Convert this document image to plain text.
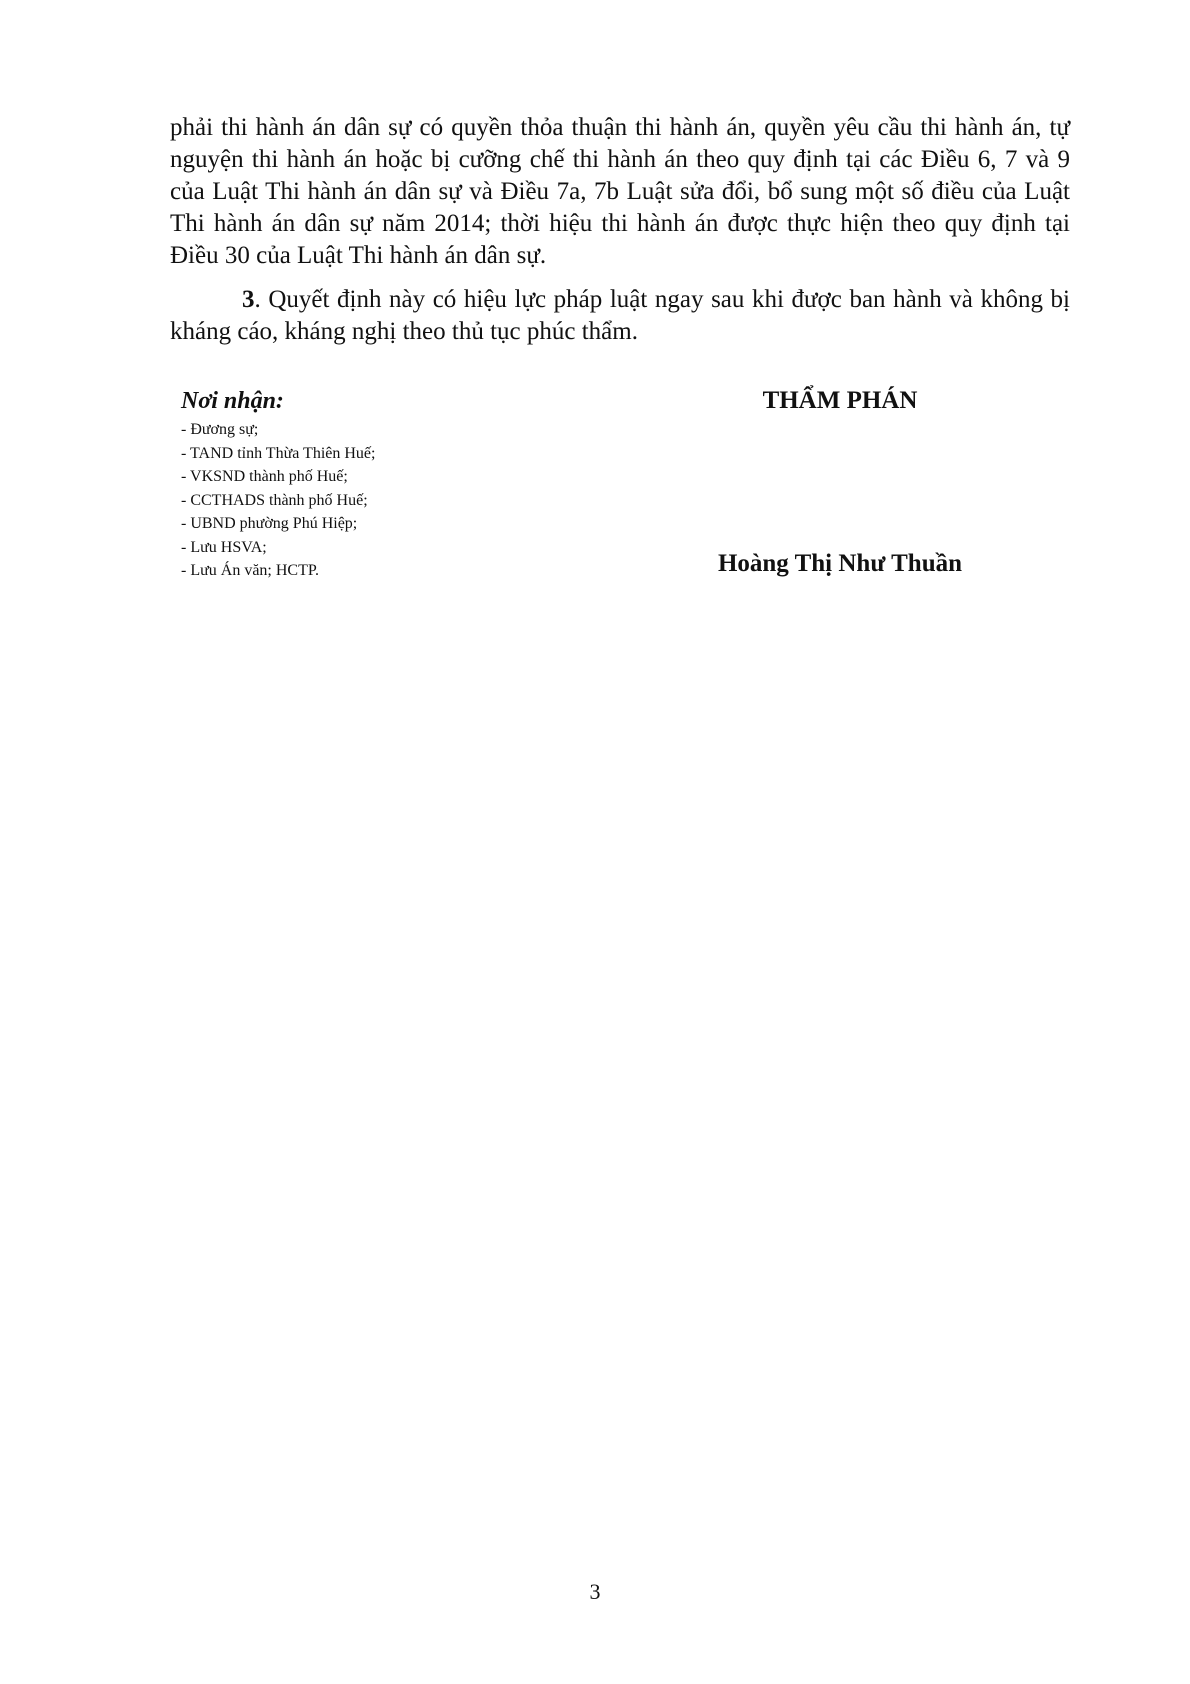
phải thi hành án dân sự có quyền thỏa thuận thi hành án, quyền yêu cầu thi hành án, tự nguyện thi hành án hoặc bị cưỡng chế thi hành án theo quy định tại các Điều 6, 7 và 9 của Luật Thi hành án dân sự và Điều 7a, 7b Luật sửa đổi, bổ sung một số điều của Luật Thi hành án dân sự năm 2014; thời hiệu thi hành án được thực hiện theo quy định tại Điều 30 của Luật Thi hành án dân sự.

3. Quyết định này có hiệu lực pháp luật ngay sau khi được ban hành và không bị kháng cáo, kháng nghị theo thủ tục phúc thẩm.

Nơi nhận:

- Đương sự;
- TAND tỉnh Thừa Thiên Huế;
- VKSND thành phố Huế;
- CCTHADS thành phố Huế;
- UBND phường Phú Hiệp;
- Lưu HSVA;
- Lưu Án văn; HCTP.

THẨM PHÁN

Hoàng Thị Như Thuần

3
